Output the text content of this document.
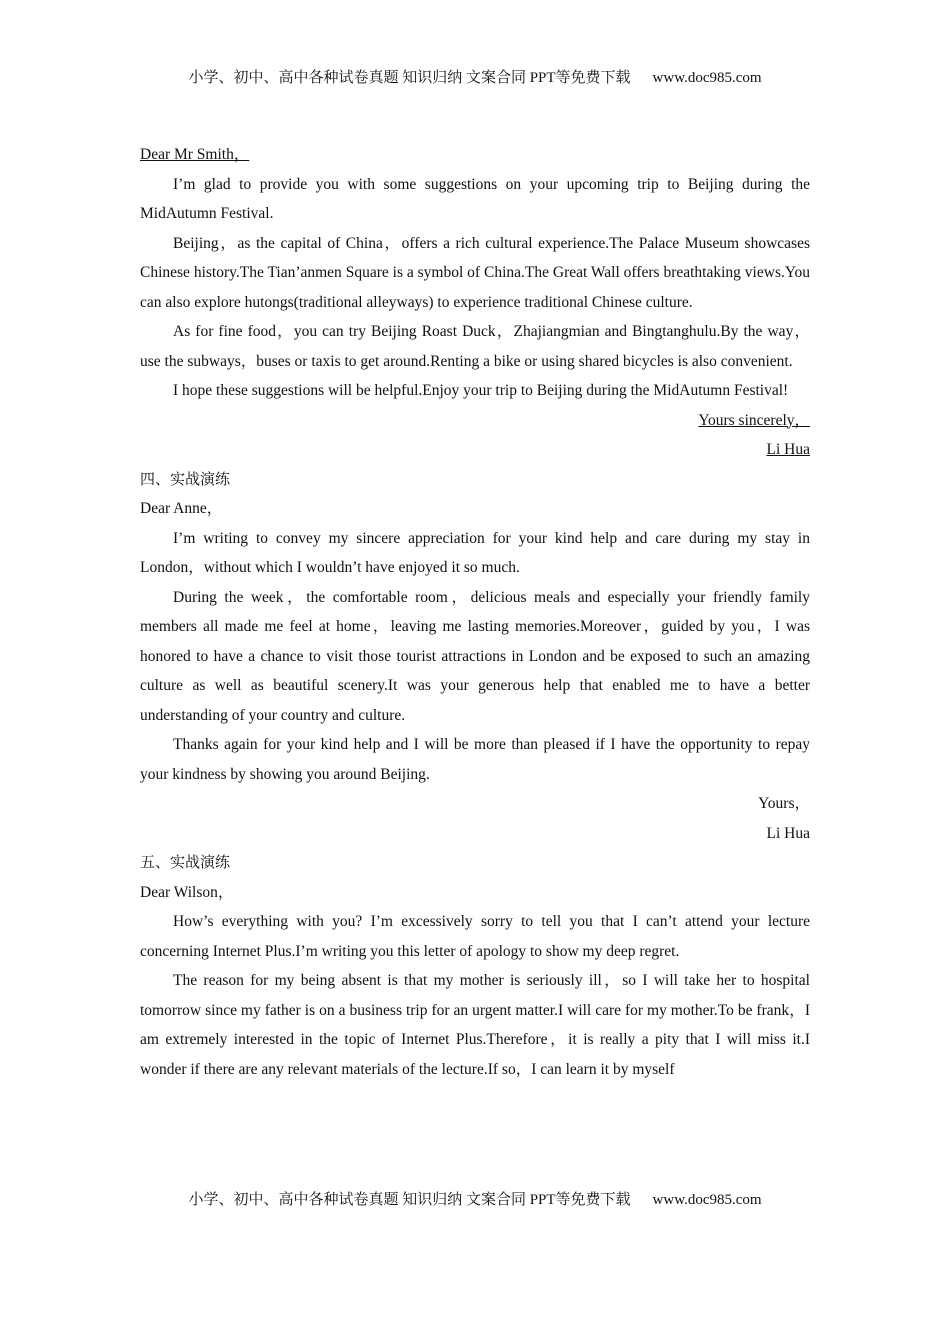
小学、初中、高中各种试卷真题 知识归纳 文案合同 PPT等免费下载 www.doc985.com

Dear Mr Smith，

I’m glad to provide you with some suggestions on your upcoming trip to Beijing during the MidAutumn Festival.

Beijing，as the capital of China，offers a rich cultural experience.The Palace Museum showcases Chinese history.The Tian’anmen Square is a symbol of China.The Great Wall offers breathtaking views.You can also explore hutongs(traditional alleyways) to experience traditional Chinese culture.

As for fine food，you can try Beijing Roast Duck，Zhajiangmian and Bingtanghulu.By the way，use the subways，buses or taxis to get around.Renting a bike or using shared bicycles is also convenient.

I hope these suggestions will be helpful.Enjoy your trip to Beijing during the MidAutumn Festival!

Yours sincerely，

Li Hua

四、实战演练

Dear Anne，

I’m writing to convey my sincere appreciation for your kind help and care during my stay in London，without which I wouldn’t have enjoyed it so much.

During the week，the comfortable room，delicious meals and especially your friendly family members all made me feel at home，leaving me lasting memories.Moreover，guided by you，I was honored to have a chance to visit those tourist attractions in London and be exposed to such an amazing culture as well as beautiful scenery.It was your generous help that enabled me to have a better understanding of your country and culture.

Thanks again for your kind help and I will be more than pleased if I have the opportunity to repay your kindness by showing you around Beijing.

Yours，

Li Hua

五、实战演练

Dear Wilson，

How’s everything with you? I’m excessively sorry to tell you that I can’t attend your lecture concerning Internet Plus.I’m writing you this letter of apology to show my deep regret.

The reason for my being absent is that my mother is seriously ill，so I will take her to hospital tomorrow since my father is on a business trip for an urgent matter.I will care for my mother.To be frank，I am extremely interested in the topic of Internet Plus.Therefore，it is really a pity that I will miss it.I wonder if there are any relevant materials of the lecture.If so，I can learn it by myself

小学、初中、高中各种试卷真题 知识归纳 文案合同 PPT等免费下载 www.doc985.com
